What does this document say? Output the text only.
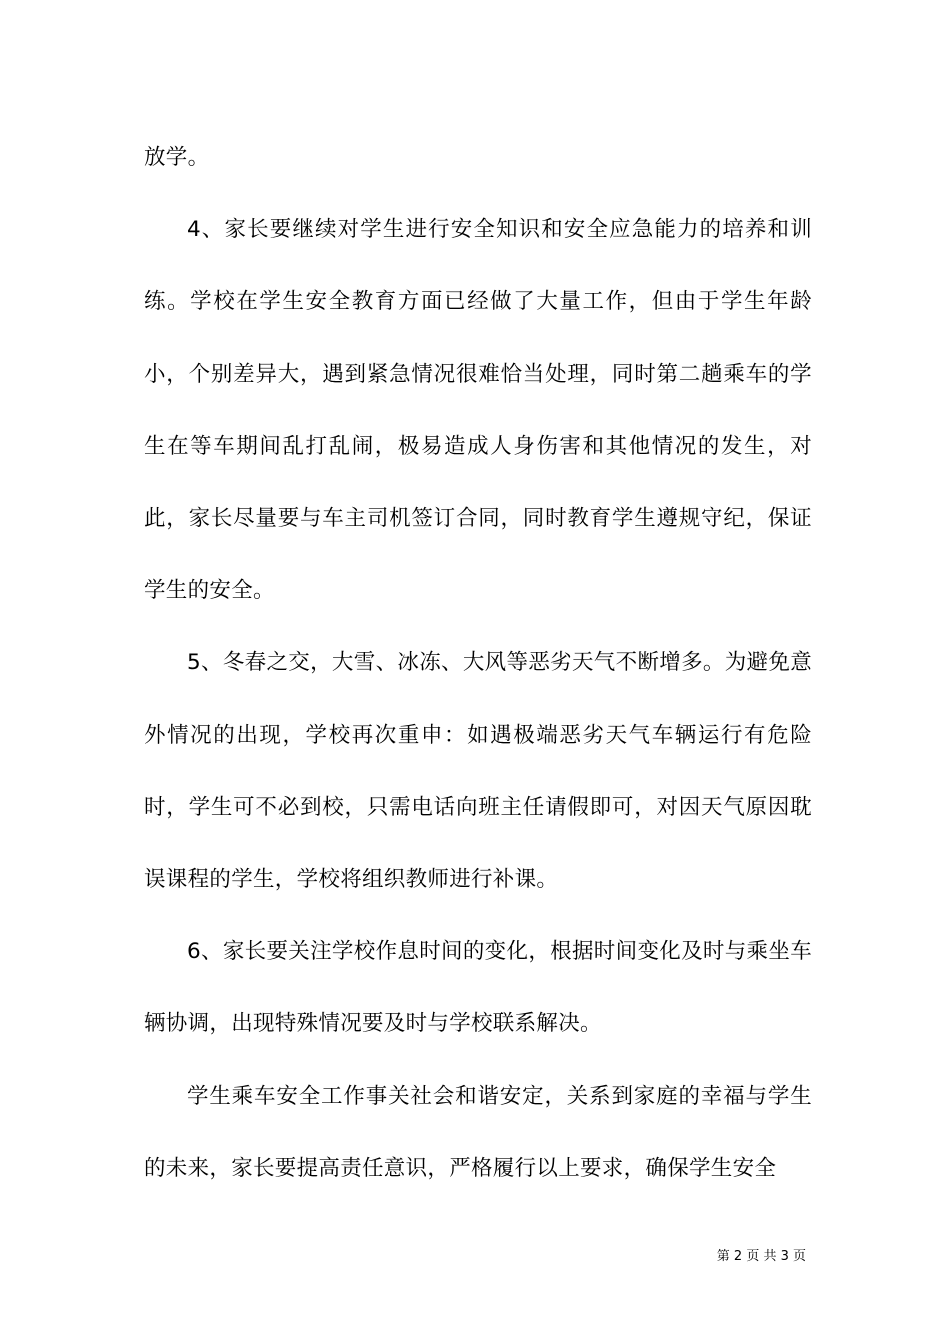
放学。

4、家长要继续对学生进行安全知识和安全应急能力的培养和训练。学校在学生安全教育方面已经做了大量工作，但由于学生年龄小，个别差异大，遇到紧急情况很难恰当处理，同时第二趟乘车的学生在等车期间乱打乱闹，极易造成人身伤害和其他情况的发生，对此，家长尽量要与车主司机签订合同，同时教育学生遵规守纪，保证学生的安全。

5、冬春之交，大雪、冰冻、大风等恶劣天气不断增多。为避免意外情况的出现，学校再次重申：如遇极端恶劣天气车辆运行有危险时，学生可不必到校，只需电话向班主任请假即可，对因天气原因耽误课程的学生，学校将组织教师进行补课。

6、家长要关注学校作息时间的变化，根据时间变化及时与乘坐车辆协调，出现特殊情况要及时与学校联系解决。

学生乘车安全工作事关社会和谐安定，关系到家庭的幸福与学生的未来，家长要提高责任意识，严格履行以上要求，确保学生安全

第 2 页 共 3 页
